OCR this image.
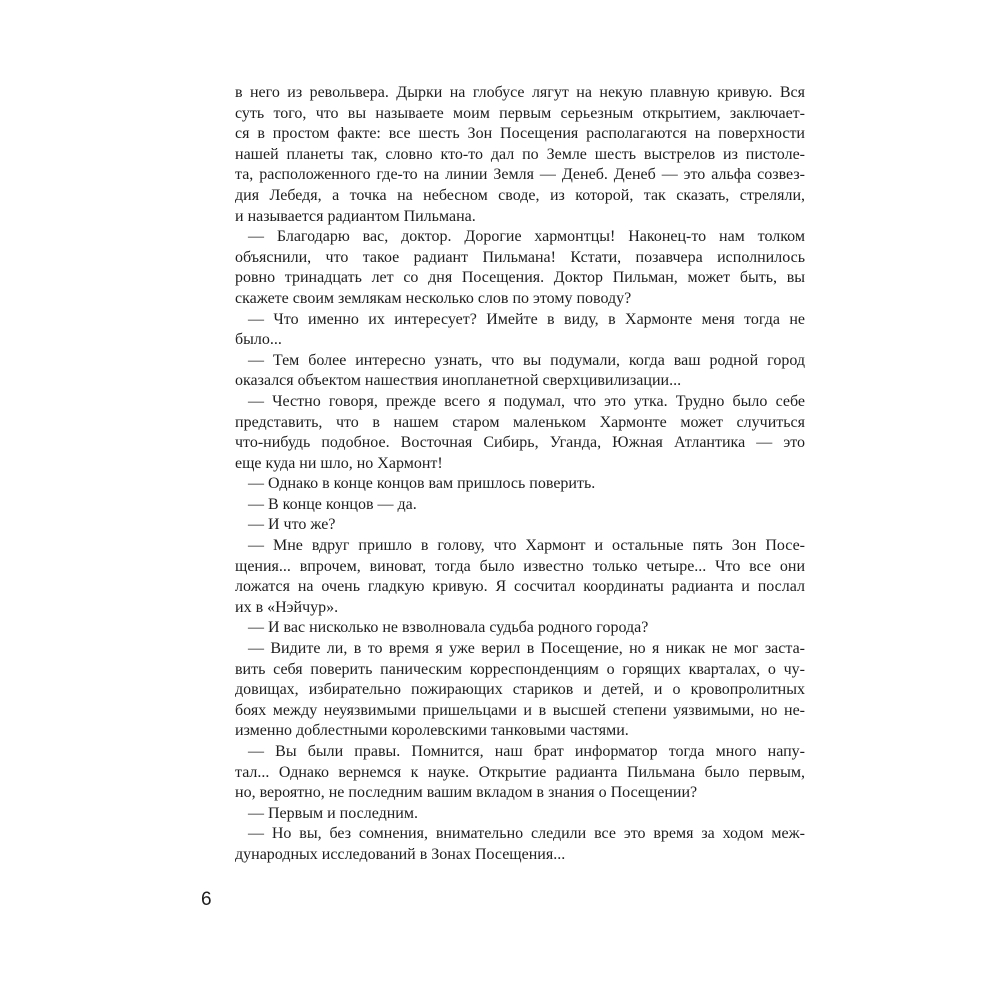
в него из револьвера. Дырки на глобусе лягут на некую плавную кривую. Вся
суть того, что вы называете моим первым серьезным открытием, заключает-
ся в простом факте: все шесть Зон Посещения располагаются на поверхности
нашей планеты так, словно кто-то дал по Земле шесть выстрелов из пистоле-
та, расположенного где-то на линии Земля — Денеб. Денеб — это альфа созвез-
дия Лебедя, а точка на небесном своде, из которой, так сказать, стреляли,
и называется радиантом Пильмана.
— Благодарю вас, доктор. Дорогие хармонтцы! Наконец-то нам толком
объяснили, что такое радиант Пильмана! Кстати, позавчера исполнилось
ровно тринадцать лет со дня Посещения. Доктор Пильман, может быть, вы
скажете своим землякам несколько слов по этому поводу?
— Что именно их интересует? Имейте в виду, в Хармонте меня тогда не
было...
— Тем более интересно узнать, что вы подумали, когда ваш родной город
оказался объектом нашествия инопланетной сверхцивилизации...
— Честно говоря, прежде всего я подумал, что это утка. Трудно было себе
представить, что в нашем старом маленьком Хармонте может случиться
что-нибудь подобное. Восточная Сибирь, Уганда, Южная Атлантика — это
еще куда ни шло, но Хармонт!
— Однако в конце концов вам пришлось поверить.
— В конце концов — да.
— И что же?
— Мне вдруг пришло в голову, что Хармонт и остальные пять Зон Посе-
щения... впрочем, виноват, тогда было известно только четыре... Что все они
ложатся на очень гладкую кривую. Я сосчитал координаты радианта и послал
их в «Нэйчур».
— И вас нисколько не взволновала судьба родного города?
— Видите ли, в то время я уже верил в Посещение, но я никак не мог заста-
вить себя поверить паническим корреспонденциям о горящих кварталах, о чу-
довищах, избирательно пожирающих стариков и детей, и о кровопролитных
боях между неуязвимыми пришельцами и в высшей степени уязвимыми, но не-
изменно доблестными королевскими танковыми частями.
— Вы были правы. Помнится, наш брат информатор тогда много напу-
тал... Однако вернемся к науке. Открытие радианта Пильмана было первым,
но, вероятно, не последним вашим вкладом в знания о Посещении?
— Первым и последним.
— Но вы, без сомнения, внимательно следили все это время за ходом меж-
дународных исследований в Зонах Посещения...
6
